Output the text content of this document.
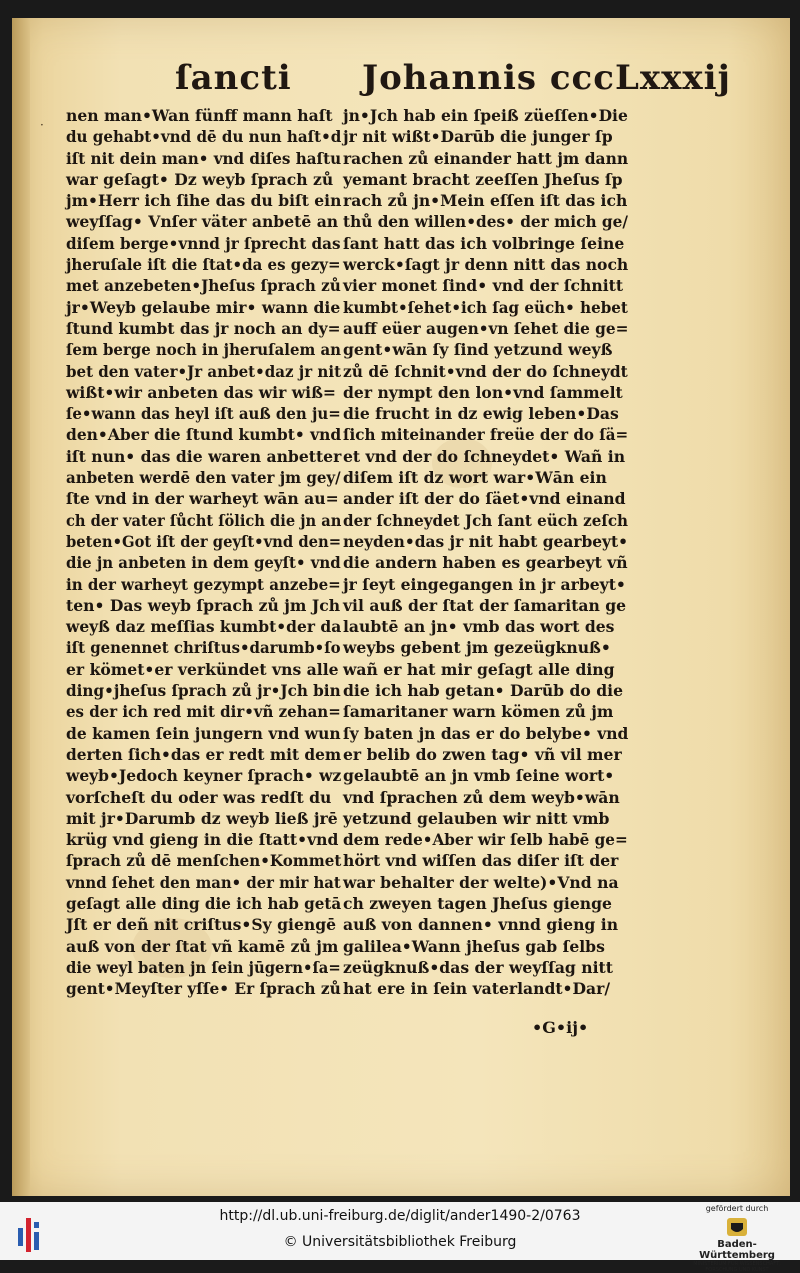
ſancti Johannis cccLxxxij
· nen man•Wan fünff mann haſt
du gehabt•vnd dē du nun haſt•d
iſt nit dein man• vnd diſes haſtu
war geſagt• Dz weyb ſprach zů
jm•Herr ich ſihe das du biſt ein
weyſſag• Vnſer väter anbetē an
diſem berge•vnnd jr ſprecht das
jheruſale iſt die ſtat•da es gezy=
met anzebeten•Jheſus ſprach zů
jr•Weyb gelaube mir• wann die
ſtund kumbt das jr noch an dy=
ſem berge noch in jheruſalem an
bet den vater•Jr anbet•daz jr nit
wißt•wir anbeten das wir wiß=
ſe•wann das heyl iſt auß den ju=
den•Aber die ſtund kumbt• vnd
iſt nun• das die waren anbetter
anbeten werdē den vater jm gey/
ſte vnd in der warheyt wān au=
ch der vater ſůcht ſölich die jn an
beten•Got iſt der geyſt•vnd den=
die jn anbeten in dem geyſt• vnd
in der warheyt gezympt anzebe=
ten• Das weyb ſprach zů jm Jch
weyß daz meſſias kumbt•der da
iſt genennet chriſtus•darumb•ſo
er kömet•er verkündet vns alle
ding•jheſus ſprach zů jr•Jch bin
es der ich red mit dir•vñ zehan=
de kamen ſein jungern vnd wun
derten ſich•das er redt mit dem
weyb•Jedoch keyner ſprach• wz
vorſcheſt du oder was redſt du
mit jr•Darumb dz weyb ließ jrē
krüg vnd gieng in die ſtatt•vnd
ſprach zů dē menſchen•Kommet
vnnd ſehet den man• der mir hat
geſagt alle ding die ich hab getā
Jſt er deñ nit criſtus•Sy giengē
auß von der ſtat vñ kamē zů jm
die weyl baten jn ſein jūgern•ſa=
gent•Meyſter yſſe• Er ſprach zů
jn•Jch hab ein ſpeiß züeſſen•Die
jr nit wißt•Darūb die junger ſp
rachen zů einander hatt jm dann
yemant bracht zeeſſen Jheſus ſp
rach zů jn•Mein eſſen iſt das ich
thů den willen•des• der mich ge/
ſant hatt das ich volbringe ſeine
werck•ſagt jr denn nitt das noch
vier monet ſind• vnd der ſchnitt
kumbt•ſehet•ich ſag eüch• hebet
auff eüer augen•vn ſehet die ge=
gent•wān ſy ſind yetzund weyß
zů dē ſchnit•vnd der do ſchneydt
der nympt den lon•vnd ſammelt
die frucht in dz ewig leben•Das
ſich miteinander freüe der do ſä=
et vnd der do ſchneydet• Wañ in
diſem iſt dz wort war•Wān ein
ander iſt der do ſäet•vnd einand
der ſchneydet Jch ſant eüch zeſch
neyden•das jr nit habt gearbeyt•
die andern haben es gearbeyt vñ
jr ſeyt eingegangen in jr arbeyt•
vil auß der ſtat der ſamaritan ge
laubtē an jn• vmb das wort des
weybs gebent jm gezeügknuß•
wañ er hat mir geſagt alle ding
die ich hab getan• Darūb do die
ſamaritaner warn kömen zů jm
ſy baten jn das er do belybe• vnd
er belib do zwen tag• vñ vil mer
gelaubtē an jn vmb ſeine wort•
vnd ſprachen zů dem weyb•wān
yetzund gelauben wir nitt vmb
dem rede•Aber wir ſelb habē ge=
hört vnd wiſſen das diſer iſt der
war behalter der welte)•Vnd na
ch zweyen tagen Jheſus gienge
auß von dannen• vnnd gieng in
galilea•Wann jheſus gab ſelbs
zeügknuß•das der weyſſag nitt
hat ere in ſein vaterlandt•Dar/
•G•ij•
http://dl.ub.uni-freiburg.de/diglit/ander1490-2/0763
© Universitätsbibliothek Freiburg
gefördert durch
Baden-Württemberg
MINISTERIUM FÜR WISSENSCHAFT, FORSCHUNG UND KUNST
